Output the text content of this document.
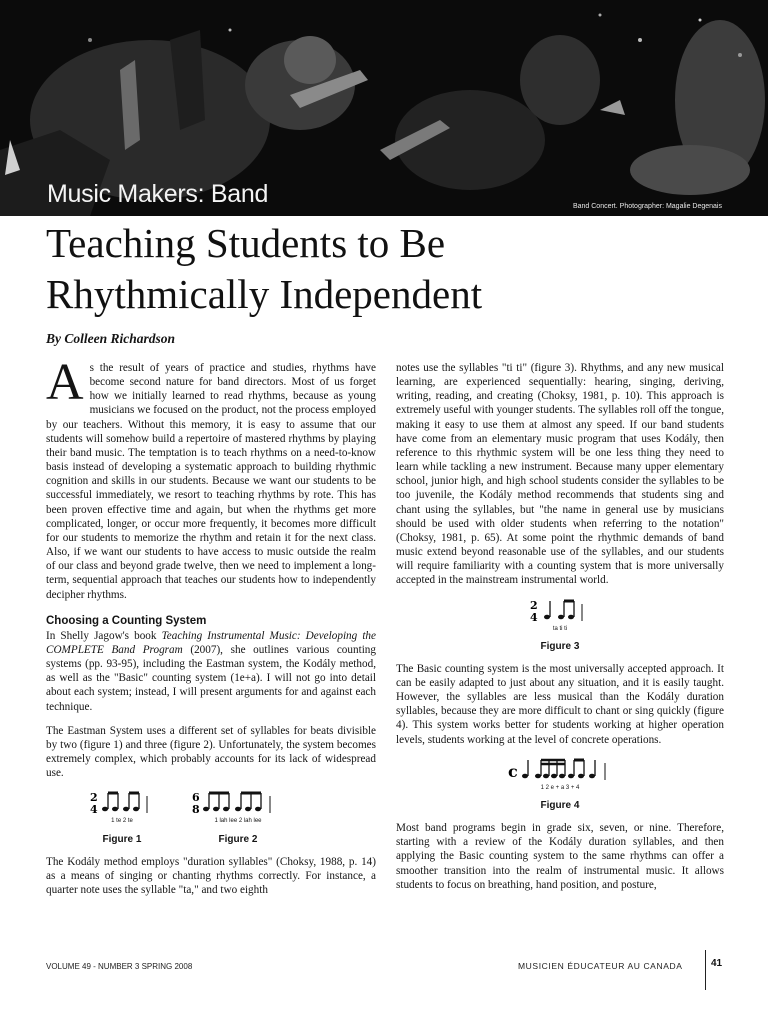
Music Makers: Band	Band Concert. Photographer: Magalie Degenais
Teaching Students to Be
Rhythmically Independent
By Colleen Richardson

As the result of years of practice and studies, rhythms have become second nature for band directors. Most of us forget how we initially learned to read rhythms, because as young musicians we focused on the product, not the process employed by our teachers. Without this memory, it is easy to assume that our students will somehow build a repertoire of mastered rhythms by playing their band music. The temptation is to teach rhythms on a need-to-know basis instead of developing a systematic approach to building rhythmic cognition and skills in our students. Because we want our students to be successful immediately, we resort to teaching rhythms by rote. This has been proven effective time and again, but when the rhythms get more complicated, longer, or occur more frequently, it becomes more difficult for our students to memorize the rhythm and retain it for the next class. Also, if we want our students to have access to music outside the realm of our class and beyond grade twelve, then we need to implement a long-term, sequential approach that teaches our students how to independently decipher rhythms.

Choosing a Counting System

In Shelly Jagow's book Teaching Instrumental Music: Developing the COMPLETE Band Program (2007), she outlines various counting systems (pp. 93-95), including the Eastman system, the Kodály method, as well as the "Basic" counting system (1e+a). I will not go into detail about each system; instead, I will present arguments for and against each technique.

The Eastman System uses a different set of syllables for beats divisible by two (figure 1) and three (figure 2). Unfortunately, the system becomes extremely complex, which probably accounts for its lack of widespread use.

2
4
1 te 2 te
Figure 1
6
8
1 lah lee 2 lah lee
Figure 2

The Kodály method employs "duration syllables" (Choksy, 1988, p. 14) as a means of singing or chanting rhythms correctly. For instance, a quarter note uses the syllable "ta," and two eighth

notes use the syllables "ti ti" (figure 3). Rhythms, and any new musical learning, are experienced sequentially: hearing, singing, deriving, writing, reading, and creating (Choksy, 1981, p. 10). This approach is extremely useful with younger students. The syllables roll off the tongue, making it easy to use them at almost any speed. If our band students have come from an elementary music program that uses Kodály, then reference to this rhythmic system will be one less thing they need to learn while tackling a new instrument. Because many upper elementary school, junior high, and high school students consider the syllables to be too juvenile, the Kodály method recommends that students sing and chant using the syllables, but "the name in general use by musicians should be used with older students when referring to the notation" (Choksy, 1981, p. 65). At some point the rhythmic demands of band music extend beyond reasonable use of the syllables, and our students will require familiarity with a counting system that is more universally accepted in the mainstream instrumental world.

2
4
ta ti ti
Figure 3

The Basic counting system is the most universally accepted approach. It can be easily adapted to just about any situation, and it is easily taught. However, the syllables are less musical than the Kodály duration syllables, because they are more difficult to chant or sing quickly (figure 4). This system works better for students working at higher operation levels, students working at the level of concrete operations.

c
1 2 e + a 3 + 4
Figure 4

Most band programs begin in grade six, seven, or nine. Therefore, starting with a review of the Kodály duration syllables, and then applying the Basic counting system to the same rhythms can offer a smoother transition into the realm of instrumental music. It allows students to focus on breathing, hand position, and posture,

VOLUME 49 - NUMBER 3 SPRING 2008	MUSICIEN ÉDUCATEUR AU CANADA	41
